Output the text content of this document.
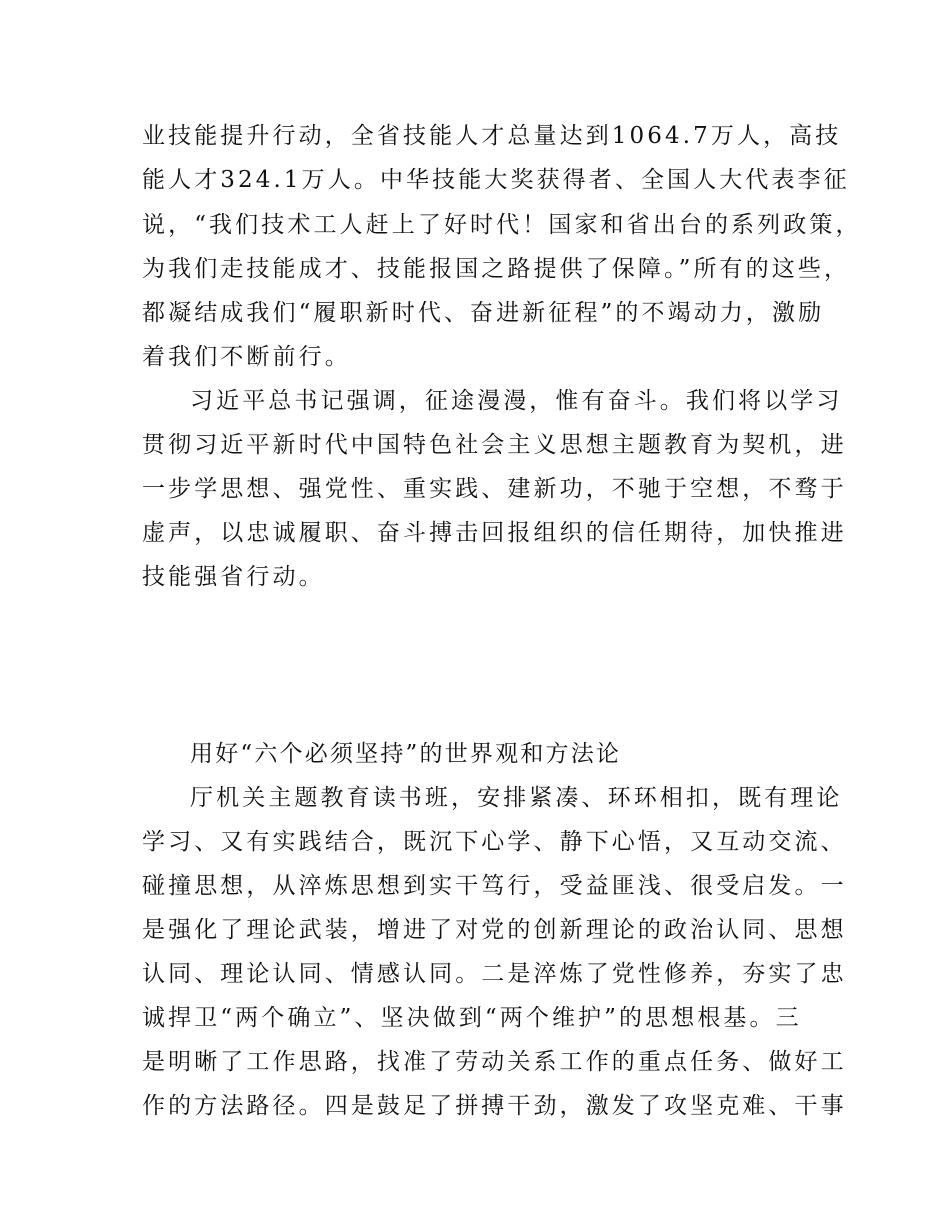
业技能提升行动，全省技能人才总量达到1064.7万人，高技
能人才324.1万人。中华技能大奖获得者、全国人大代表李征
说，“我们技术工人赶上了好时代！国家和省出台的系列政策，
为我们走技能成才、技能报国之路提供了保障。”所有的这些，
都凝结成我们“履职新时代、奋进新征程”的不竭动力，激励
着我们不断前行。
习近平总书记强调，征途漫漫，惟有奋斗。我们将以学习
贯彻习近平新时代中国特色社会主义思想主题教育为契机，进
一步学思想、强党性、重实践、建新功，不驰于空想，不骛于
虚声，以忠诚履职、奋斗搏击回报组织的信任期待，加快推进
技能强省行动。
用好“六个必须坚持”的世界观和方法论
厅机关主题教育读书班，安排紧凑、环环相扣，既有理论
学习、又有实践结合，既沉下心学、静下心悟，又互动交流、
碰撞思想，从淬炼思想到实干笃行，受益匪浅、很受启发。一
是强化了理论武装，增进了对党的创新理论的政治认同、思想
认同、理论认同、情感认同。二是淬炼了党性修养，夯实了忠
诚捍卫“两个确立”、坚决做到“两个维护”的思想根基。三
是明晰了工作思路，找准了劳动关系工作的重点任务、做好工
作的方法路径。四是鼓足了拼搏干劲，激发了攻坚克难、干事
